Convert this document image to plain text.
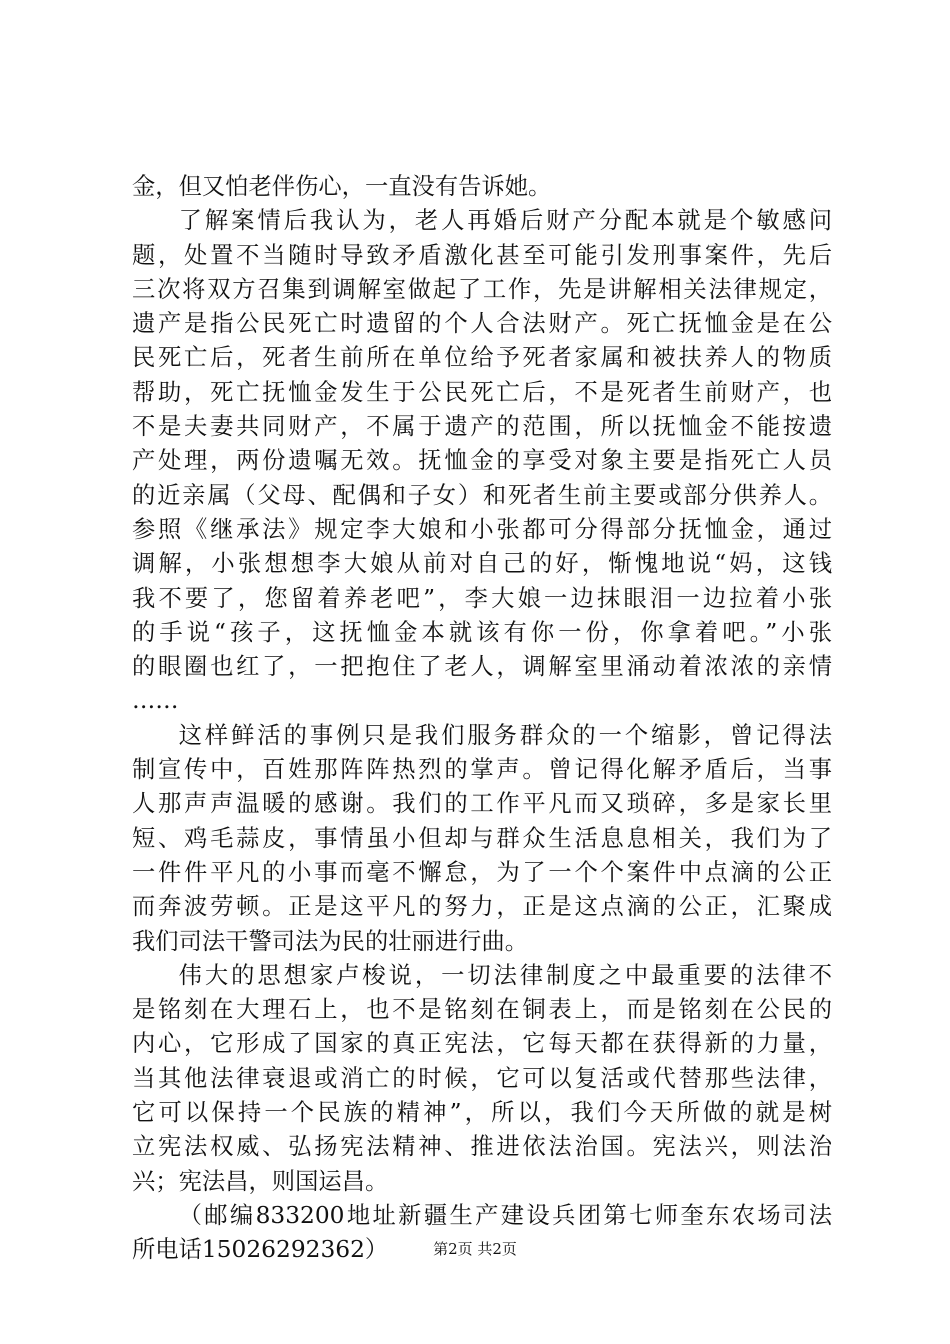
金，但又怕老伴伤心，一直没有告诉她。
了解案情后我认为，老人再婚后财产分配本就是个敏感问
题，处置不当随时导致矛盾激化甚至可能引发刑事案件，先后
三次将双方召集到调解室做起了工作，先是讲解相关法律规定，
遗产是指公民死亡时遗留的个人合法财产。死亡抚恤金是在公
民死亡后，死者生前所在单位给予死者家属和被扶养人的物质
帮助，死亡抚恤金发生于公民死亡后，不是死者生前财产，也
不是夫妻共同财产，不属于遗产的范围，所以抚恤金不能按遗
产处理，两份遗嘱无效。抚恤金的享受对象主要是指死亡人员
的近亲属（父母、配偶和子女）和死者生前主要或部分供养人。
参照《继承法》规定李大娘和小张都可分得部分抚恤金，通过
调解，小张想想李大娘从前对自己的好，惭愧地说“妈，这钱
我不要了，您留着养老吧”，李大娘一边抹眼泪一边拉着小张
的手说“孩子，这抚恤金本就该有你一份，你拿着吧。”小张
的眼圈也红了，一把抱住了老人，调解室里涌动着浓浓的亲情
……
这样鲜活的事例只是我们服务群众的一个缩影，曾记得法
制宣传中，百姓那阵阵热烈的掌声。曾记得化解矛盾后，当事
人那声声温暖的感谢。我们的工作平凡而又琐碎，多是家长里
短、鸡毛蒜皮，事情虽小但却与群众生活息息相关，我们为了
一件件平凡的小事而毫不懈怠，为了一个个案件中点滴的公正
而奔波劳顿。正是这平凡的努力，正是这点滴的公正，汇聚成
我们司法干警司法为民的壮丽进行曲。
伟大的思想家卢梭说，一切法律制度之中最重要的法律不
是铭刻在大理石上，也不是铭刻在铜表上，而是铭刻在公民的
内心，它形成了国家的真正宪法，它每天都在获得新的力量，
当其他法律衰退或消亡的时候，它可以复活或代替那些法律，
它可以保持一个民族的精神”，所以，我们今天所做的就是树
立宪法权威、弘扬宪法精神、推进依法治国。宪法兴，则法治
兴；宪法昌，则国运昌。
（邮编833200地址新疆生产建设兵团第七师奎东农场司法
所电话15026292362）	第2页 共2页
